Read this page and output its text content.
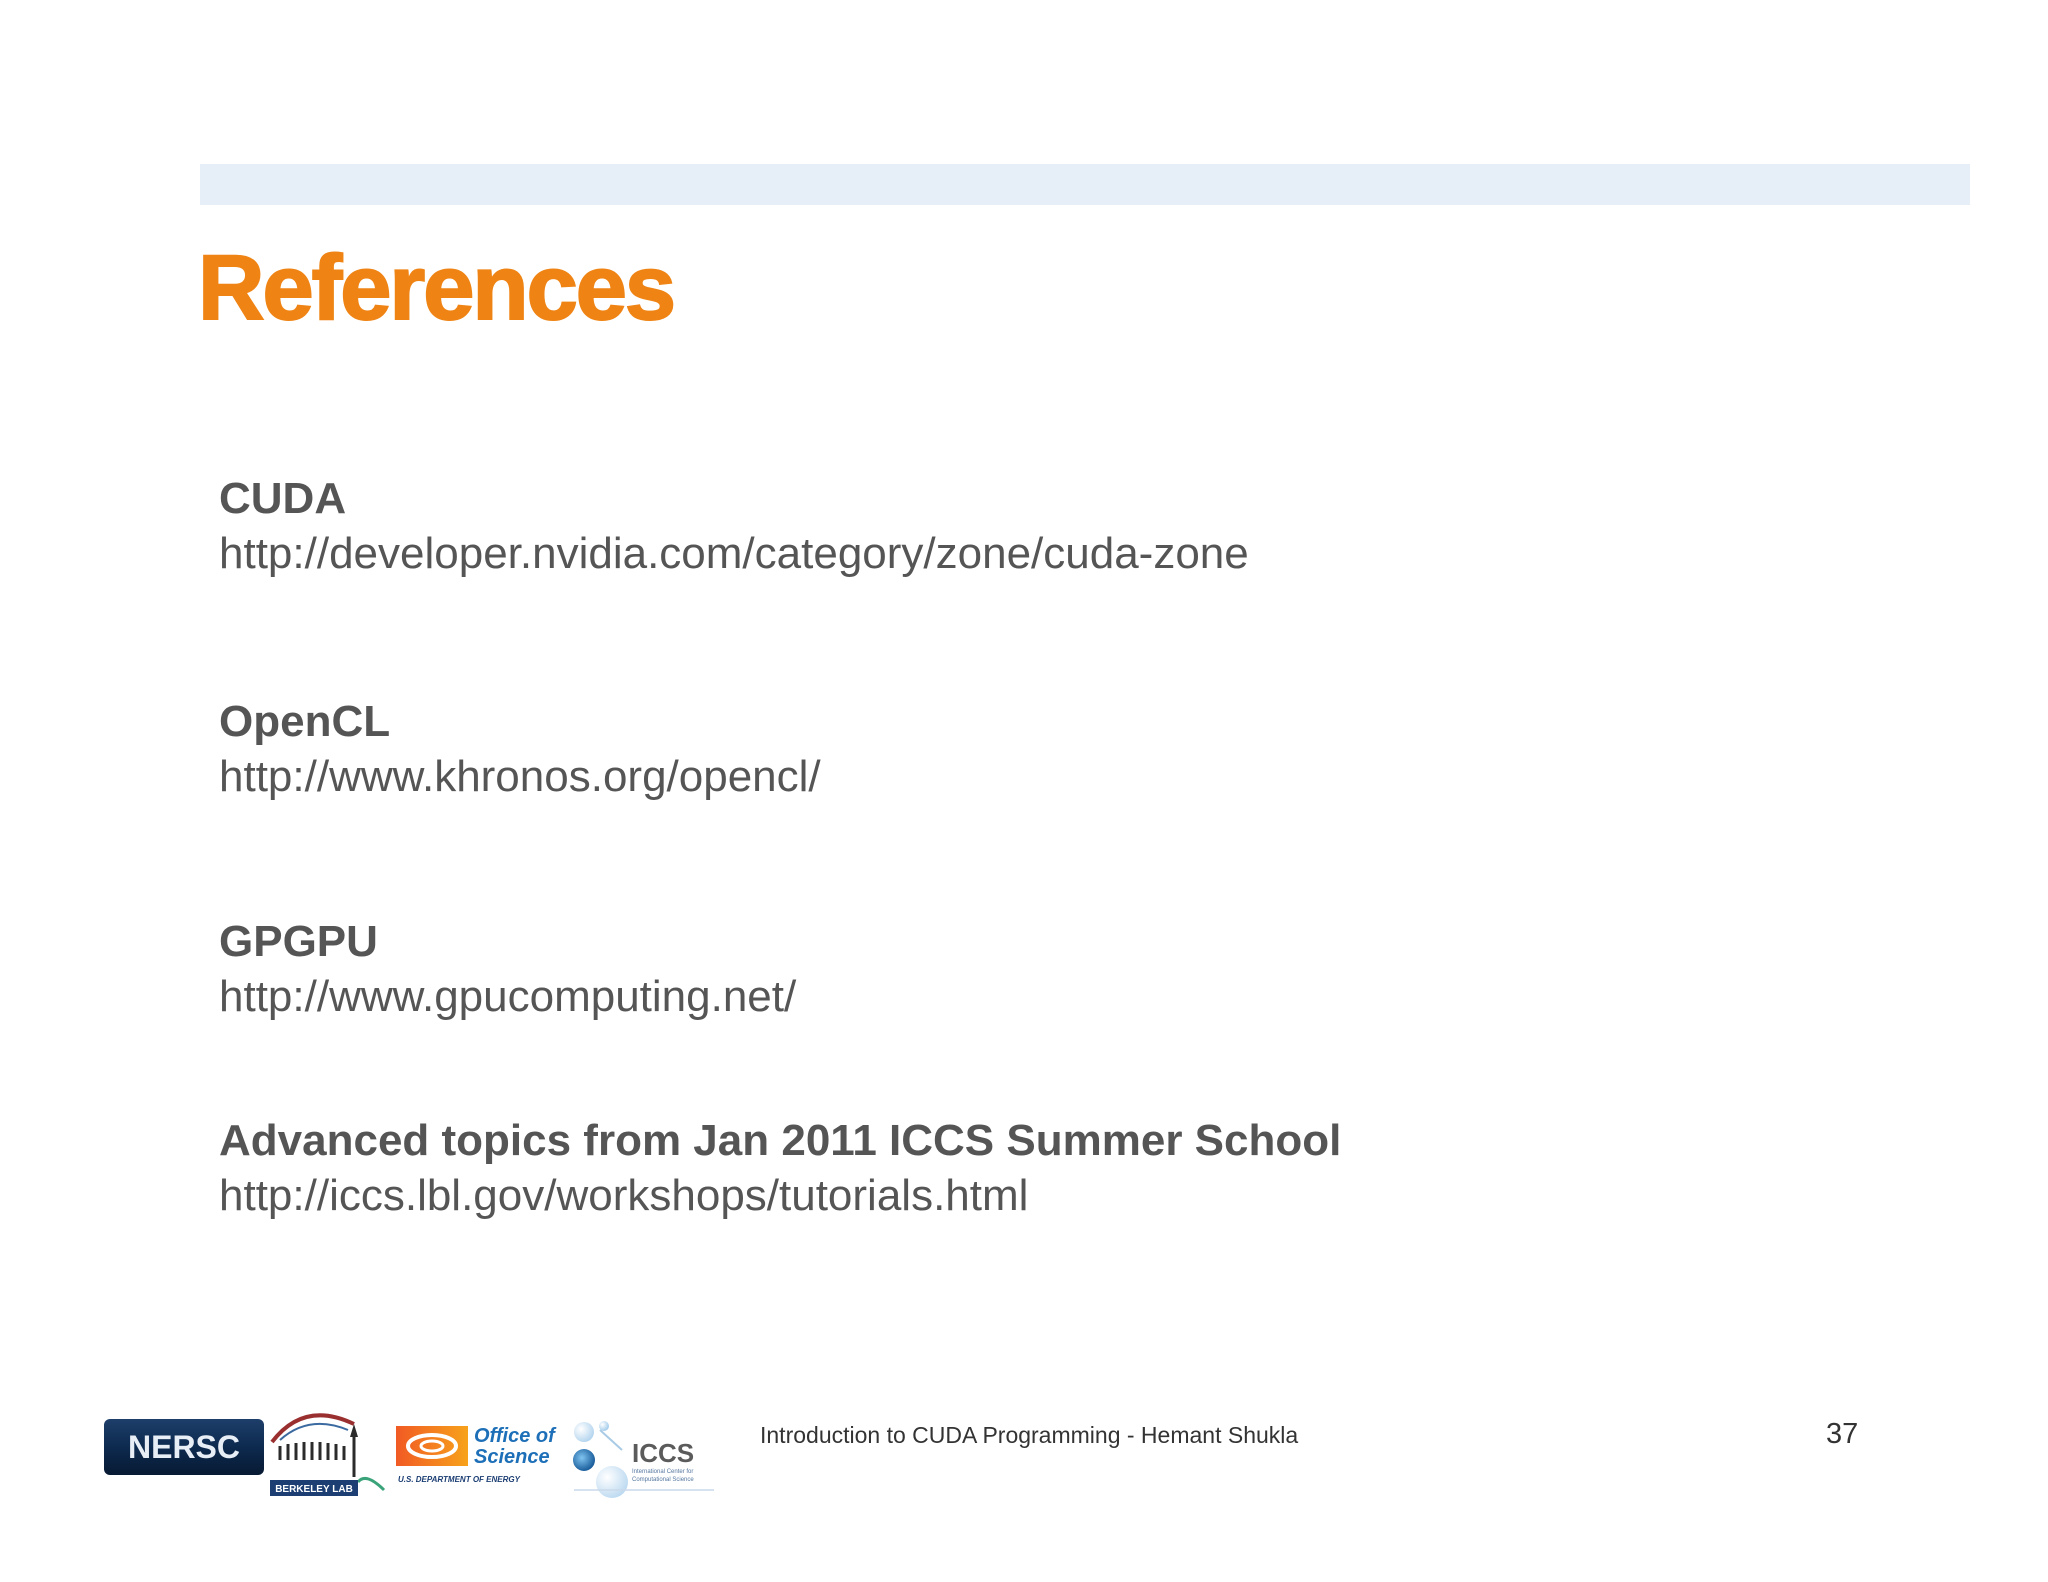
References
CUDA
http://developer.nvidia.com/category/zone/cuda-zone
OpenCL
http://www.khronos.org/opencl/
GPGPU
http://www.gpucomputing.net/
Advanced topics from Jan 2011 ICCS Summer School
http://iccs.lbl.gov/workshops/tutorials.html
NERSC
BERKELEY LAB
Office of
Science
U.S. DEPARTMENT OF ENERGY
ICCS
International Center for
Computational Science
Introduction to CUDA Programming - Hemant Shukla	37
